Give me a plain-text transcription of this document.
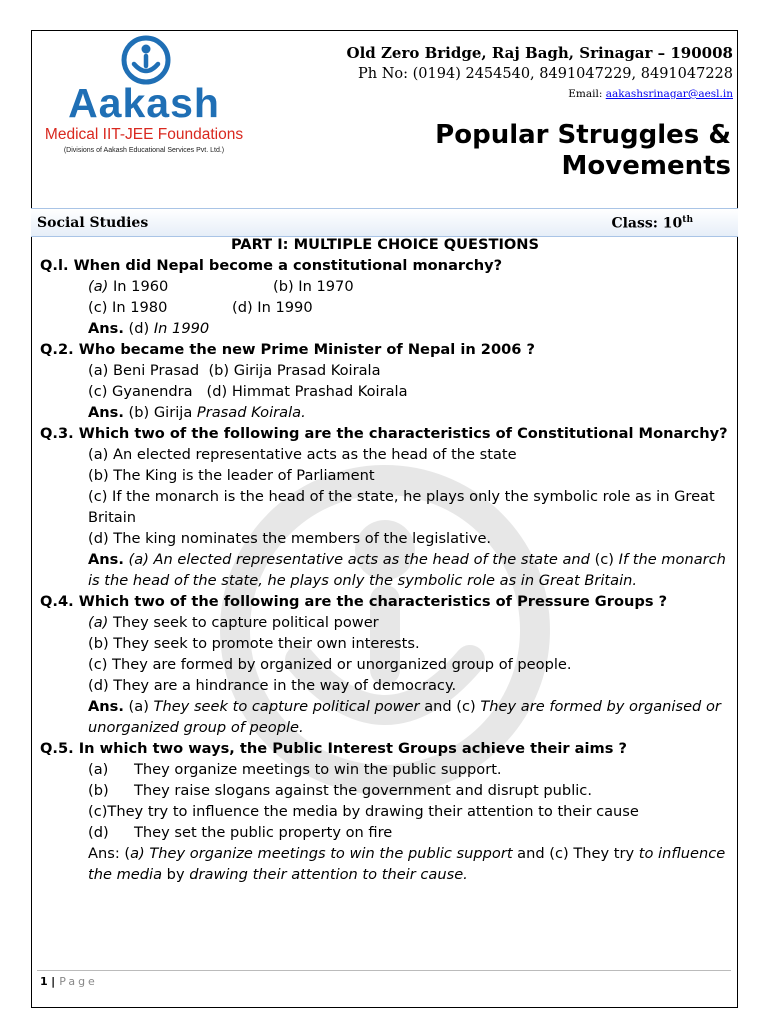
Aakash
Medical IIT-JEE Foundations
(Divisions of Aakash Educational Services Pvt. Ltd.)
Old Zero Bridge, Raj Bagh, Srinagar – 190008
Ph No: (0194) 2454540, 8491047229, 8491047228
Email: aakashsrinagar@aesl.in
Popular Struggles &
Movements
Social Studies	Class: 10th
PART I: MULTIPLE CHOICE QUESTIONS
Q.l. When did Nepal become a constitutional monarchy?
(a) In 1960	(b) In 1970
(c) In 1980	(d) In 1990
Ans. (d) In 1990
Q.2. Who became the new Prime Minister of Nepal in 2006 ?
(a) Beni Prasad  (b) Girija Prasad Koirala
(c) Gyanendra   (d) Himmat Prashad Koirala
Ans. (b) Girija Prasad Koirala.
Q.3. Which two of the following are the characteristics of Constitutional Monarchy?
(a) An elected representative acts as the head of the state
(b) The King is the leader of Parliament
(c) If the monarch is the head of the state, he plays only the symbolic role as in Great Britain
(d) The king nominates the members of the legislative.
Ans. (a) An elected representative acts as the head of the state and (c) If the monarch is the head of the state, he plays only the symbolic role as in Great Britain.
Q.4. Which two of the following are the characteristics of Pressure Groups ?
(a) They seek to capture political power
(b) They seek to promote their own interests.
(c) They are formed by organized or unorganized group of people.
(d) They are a hindrance in the way of democracy.
Ans. (a) They seek to capture political power and (c) They are formed by organised or unorganized group of people.
Q.5. In which two ways, the Public Interest Groups achieve their aims ?
(a) They organize meetings to win the public support.
(b) They raise slogans against the government and disrupt public.
(c)They try to influence the media by drawing their attention to their cause
(d) They set the public property on fire
Ans: (a) They organize meetings to win the public support and (c) They try to influence the media by drawing their attention to their cause.
1 | Page
